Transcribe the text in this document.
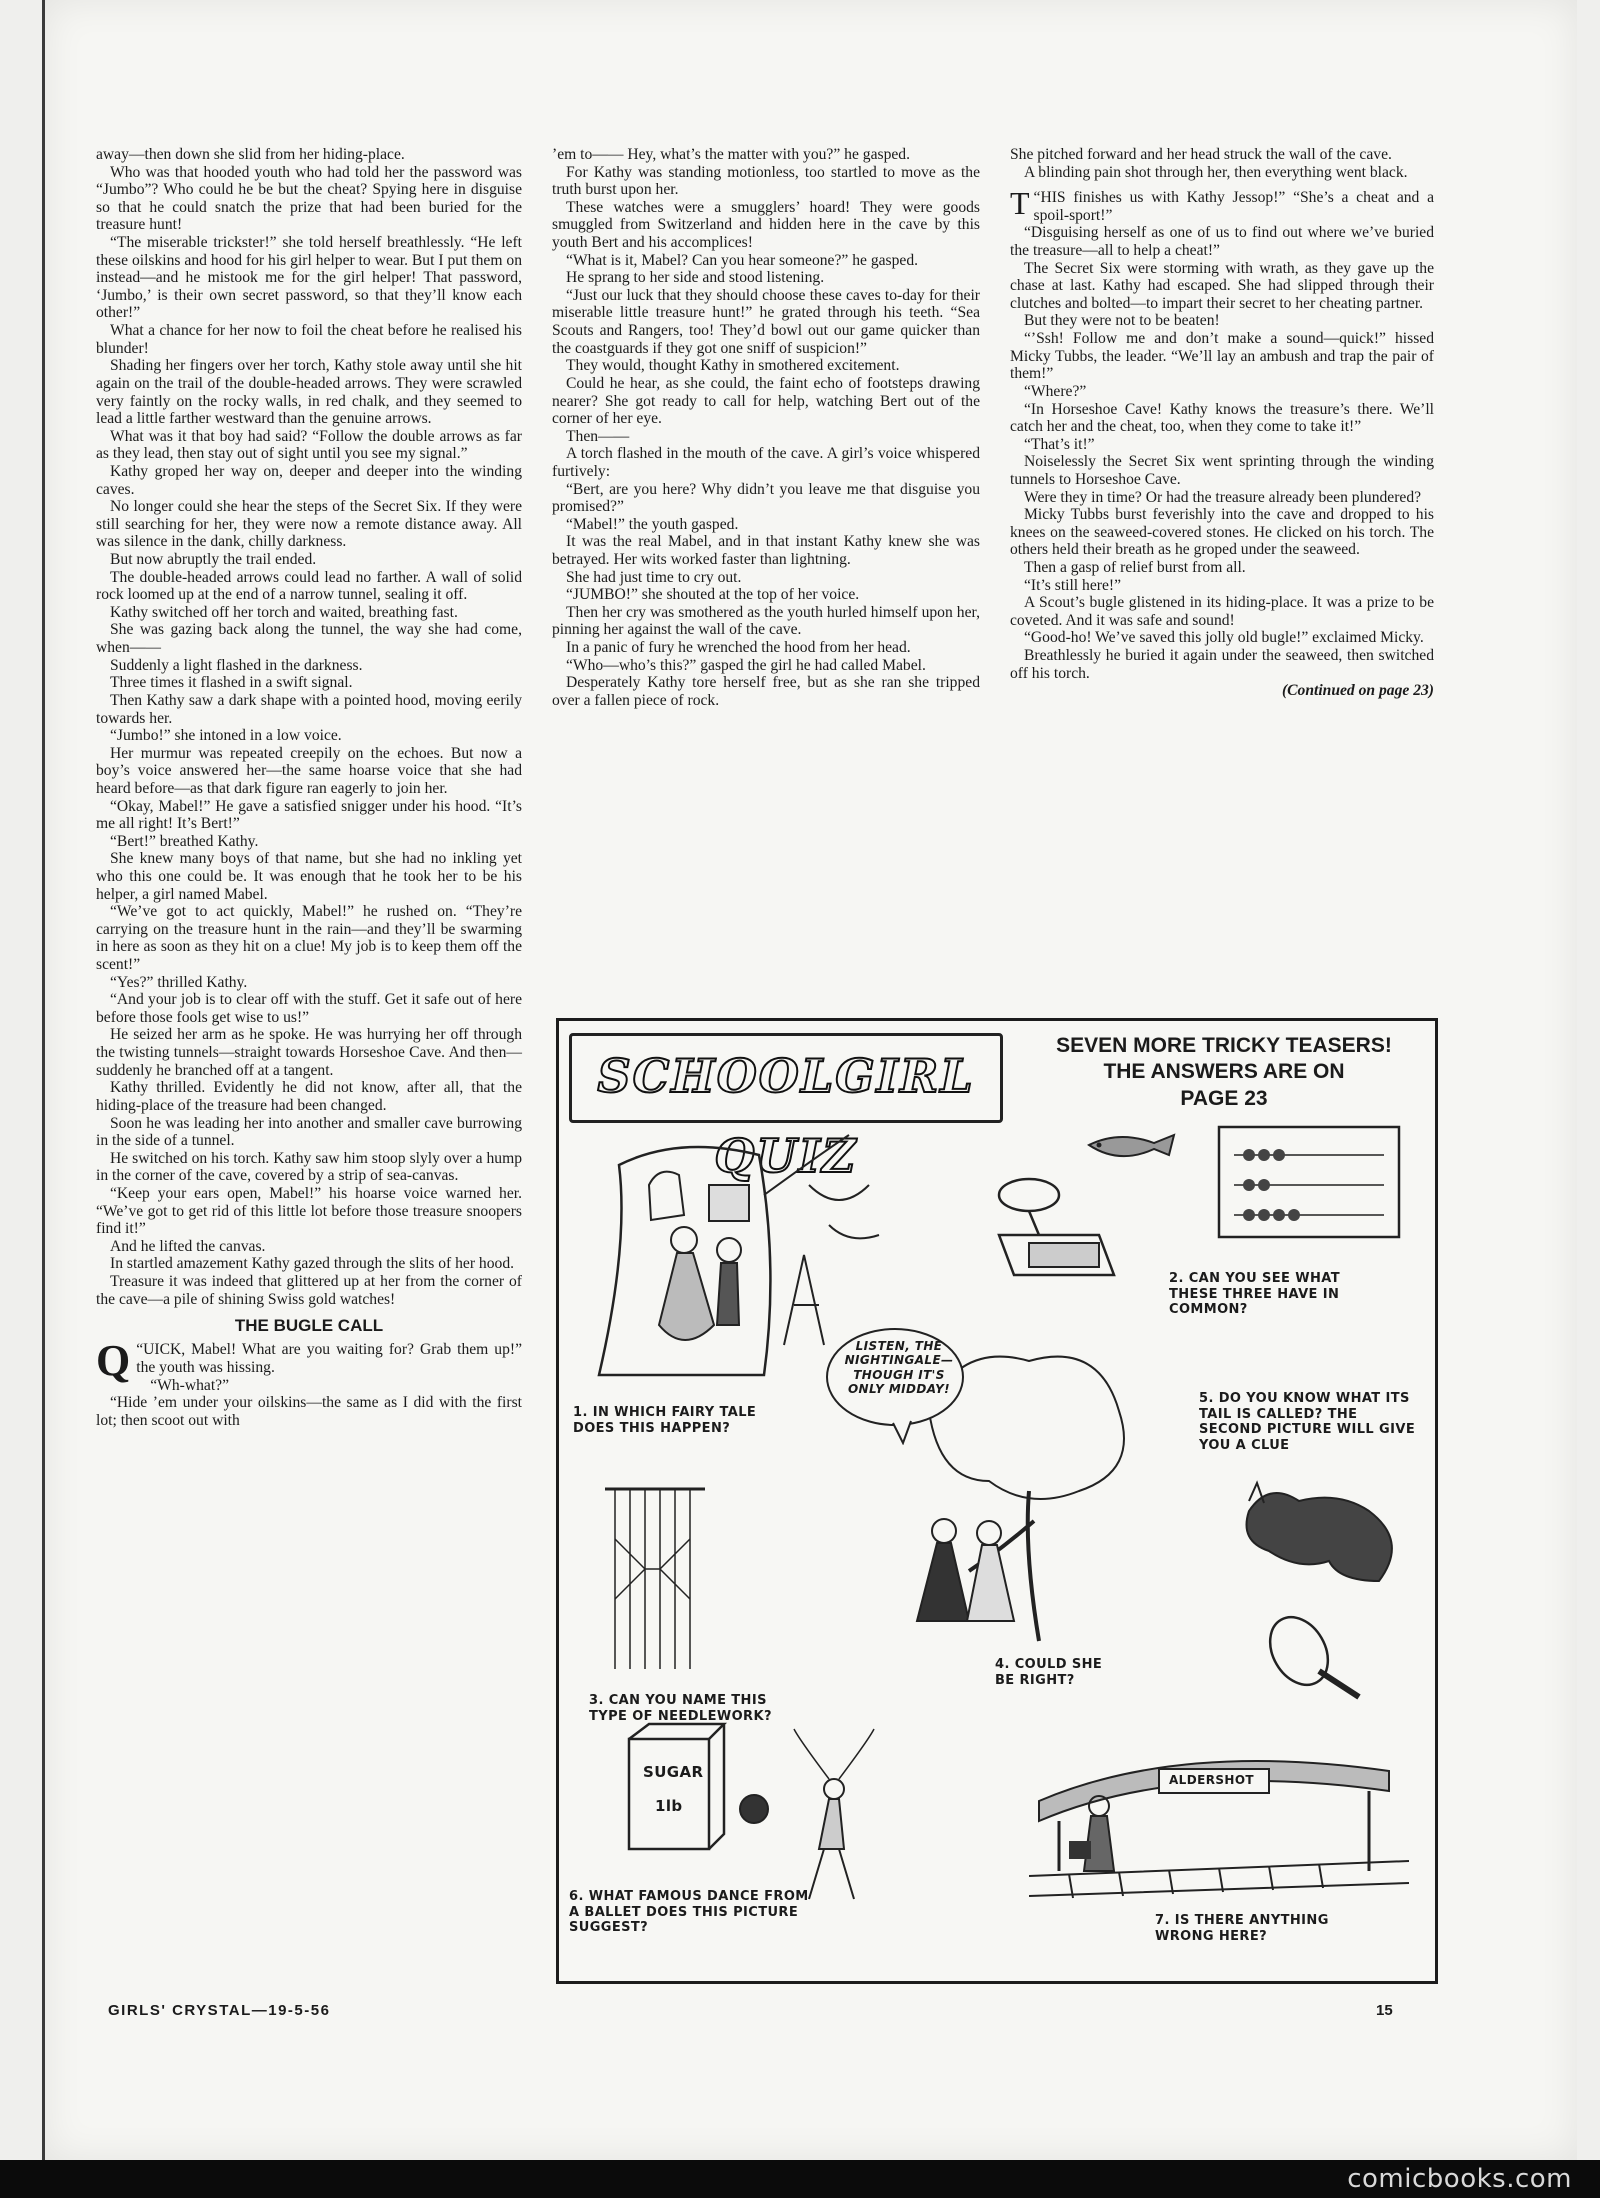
comicbooks.com

away—then down she slid from her hiding-place.

Who was that hooded youth who had told her the password was “Jumbo”? Who could he be but the cheat? Spying here in disguise so that he could snatch the prize that had been buried for the treasure hunt!

“The miserable trickster!” she told herself breathlessly. “He left these oilskins and hood for his girl helper to wear. But I put them on instead—and he mistook me for the girl helper! That password, ‘Jumbo,’ is their own secret password, so that they’ll know each other!”

What a chance for her now to foil the cheat before he realised his blunder!

Shading her fingers over her torch, Kathy stole away until she hit again on the trail of the double-headed arrows. They were scrawled very faintly on the rocky walls, in red chalk, and they seemed to lead a little farther westward than the genuine arrows.

What was it that boy had said? “Follow the double arrows as far as they lead, then stay out of sight until you see my signal.”

Kathy groped her way on, deeper and deeper into the winding caves.

No longer could she hear the steps of the Secret Six. If they were still searching for her, they were now a remote distance away. All was silence in the dank, chilly darkness.

But now abruptly the trail ended.

The double-headed arrows could lead no farther. A wall of solid rock loomed up at the end of a narrow tunnel, sealing it off.

Kathy switched off her torch and waited, breathing fast.

She was gazing back along the tunnel, the way she had come, when——

Suddenly a light flashed in the darkness.

Three times it flashed in a swift signal.

Then Kathy saw a dark shape with a pointed hood, moving eerily towards her.

“Jumbo!” she intoned in a low voice.

Her murmur was repeated creepily on the echoes. But now a boy’s voice answered her—the same hoarse voice that she had heard before—as that dark figure ran eagerly to join her.

“Okay, Mabel!” He gave a satisfied snigger under his hood. “It’s me all right! It’s Bert!”

“Bert!” breathed Kathy.

She knew many boys of that name, but she had no inkling yet who this one could be. It was enough that he took her to be his helper, a girl named Mabel.

“We’ve got to act quickly, Mabel!” he rushed on. “They’re carrying on the treasure hunt in the rain—and they’ll be swarming in here as soon as they hit on a clue! My job is to keep them off the scent!”

“Yes?” thrilled Kathy.

“And your job is to clear off with the stuff. Get it safe out of here before those fools get wise to us!”

He seized her arm as he spoke. He was hurrying her off through the twisting tunnels—straight towards Horseshoe Cave. And then—suddenly he branched off at a tangent.

Kathy thrilled. Evidently he did not know, after all, that the hiding-place of the treasure had been changed.

Soon he was leading her into another and smaller cave burrowing in the side of a tunnel.

He switched on his torch. Kathy saw him stoop slyly over a hump in the corner of the cave, covered by a strip of sea-canvas.

“Keep your ears open, Mabel!” his hoarse voice warned her. “We’ve got to get rid of this little lot before those treasure snoopers find it!”

And he lifted the canvas.

In startled amazement Kathy gazed through the slits of her hood.

Treasure it was indeed that glittered up at her from the corner of the cave—a pile of shining Swiss gold watches!

THE BUGLE CALL

“
Q UICK, Mabel! What are you waiting for? Grab them up!” the youth was hissing.

“Wh-what?”

“Hide ’em under your oilskins—the same as I did with the first lot; then scoot out with

’em to—— Hey, what’s the matter with you?” he gasped.

For Kathy was standing motionless, too startled to move as the truth burst upon her.

These watches were a smugglers’ hoard! They were goods smuggled from Switzerland and hidden here in the cave by this youth Bert and his accomplices!

“What is it, Mabel? Can you hear someone?” he gasped.

He sprang to her side and stood listening.

“Just our luck that they should choose these caves to-day for their miserable little treasure hunt!” he grated through his teeth. “Sea Scouts and Rangers, too! They’d bowl out our game quicker than the coastguards if they got one sniff of suspicion!”

They would, thought Kathy in smothered excitement.

Could he hear, as she could, the faint echo of footsteps drawing nearer? She got ready to call for help, watching Bert out of the corner of her eye.

Then——

A torch flashed in the mouth of the cave. A girl’s voice whispered furtively:

“Bert, are you here? Why didn’t you leave me that disguise you promised?”

“Mabel!” the youth gasped.

It was the real Mabel, and in that instant Kathy knew she was betrayed. Her wits worked faster than lightning.

She had just time to cry out.

“JUMBO!” she shouted at the top of her voice.

Then her cry was smothered as the youth hurled himself upon her, pinning her against the wall of the cave.

In a panic of fury he wrenched the hood from her head.

“Who—who’s this?” gasped the girl he had called Mabel.

Desperately Kathy tore herself free, but as she ran she tripped over a fallen piece of rock.

She pitched forward and her head struck the wall of the cave.

A blinding pain shot through her, then everything went black.

“
T HIS finishes us with Kathy Jessop!” “She’s a cheat and a spoil-sport!”

“Disguising herself as one of us to find out where we’ve buried the treasure—all to help a cheat!”

The Secret Six were storming with wrath, as they gave up the chase at last. Kathy had escaped. She had slipped through their clutches and bolted—to impart their secret to her cheating partner.

But they were not to be beaten!

“’Ssh! Follow me and don’t make a sound—quick!” hissed Micky Tubbs, the leader. “We’ll lay an ambush and trap the pair of them!”

“Where?”

“In Horseshoe Cave! Kathy knows the treasure’s there. We’ll catch her and the cheat, too, when they come to take it!”

“That’s it!”

Noiselessly the Secret Six went sprinting through the winding tunnels to Horseshoe Cave.

Were they in time? Or had the treasure already been plundered?

Micky Tubbs burst feverishly into the cave and dropped to his knees on the seaweed-covered stones. He clicked on his torch. The others held their breath as he groped under the seaweed.

Then a gasp of relief burst from all.

“It’s still here!”

A Scout’s bugle glistened in its hiding-place. It was a prize to be coveted. And it was safe and sound!

“Good-ho! We’ve saved this jolly old bugle!” exclaimed Micky.

Breathlessly he buried it again under the seaweed, then switched off his torch.

(Continued on page 23)

SCHOOLGIRL QUIZ
SEVEN MORE TRICKY TEASERS!
THE ANSWERS ARE ON
PAGE 23
2. CAN YOU SEE WHAT THESE THREE HAVE IN COMMON?
LISTEN, THE NIGHTINGALE—THOUGH IT'S ONLY MIDDAY!
1. IN WHICH FAIRY TALE DOES THIS HAPPEN?
5. DO YOU KNOW WHAT ITS TAIL IS CALLED? THE SECOND PICTURE WILL GIVE YOU A CLUE
3. CAN YOU NAME THIS TYPE OF NEEDLEWORK?
4. COULD SHE BE RIGHT?
SUGAR
1lb
6. WHAT FAMOUS DANCE FROM A BALLET DOES THIS PICTURE SUGGEST?
ALDERSHOT
7. IS THERE ANYTHING WRONG HERE?
GIRLS' CRYSTAL—19-5-56	15
